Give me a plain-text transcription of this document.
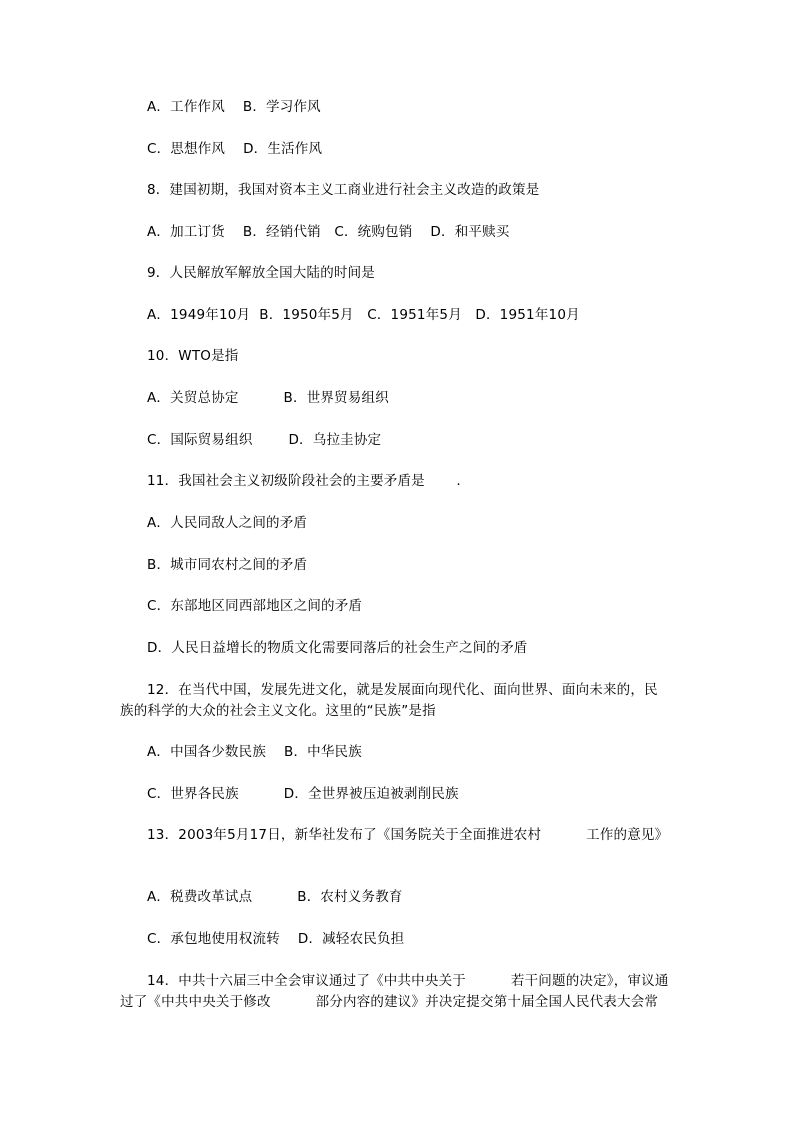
A．工作作风    B．学习作风
C．思想作风    D．生活作风
8．建国初期，我国对资本主义工商业进行社会主义改造的政策是
A．加工订货    B．经销代销   C．统购包销    D．和平赎买
9．人民解放军解放全国大陆的时间是
A．1949年10月  B．1950年5月   C．1951年5月   D．1951年10月
10．WTO是指
A．关贸总协定          B．世界贸易组织
C．国际贸易组织        D．乌拉圭协定
11．我国社会主义初级阶段社会的主要矛盾是       .
A．人民同敌人之间的矛盾
B．城市同农村之间的矛盾
C．东部地区同西部地区之间的矛盾
D．人民日益增长的物质文化需要同落后的社会生产之间的矛盾
12．在当代中国，发展先进文化，就是发展面向现代化、面向世界、面向未来的，民
族的科学的大众的社会主义文化。这里的“民族”是指
A．中国各少数民族    B．中华民族
C．世界各民族          D．全世界被压迫被剥削民族
13．2003年5月17日，新华社发布了《国务院关于全面推进农村          工作的意见》
A．税费改革试点          B．农村义务教育
C．承包地使用权流转    D．减轻农民负担
14．中共十六届三中全会审议通过了《中共中央关于          若干问题的决定》，审议通
过了《中共中央关于修改          部分内容的建议》并决定提交第十届全国人民代表大会常
